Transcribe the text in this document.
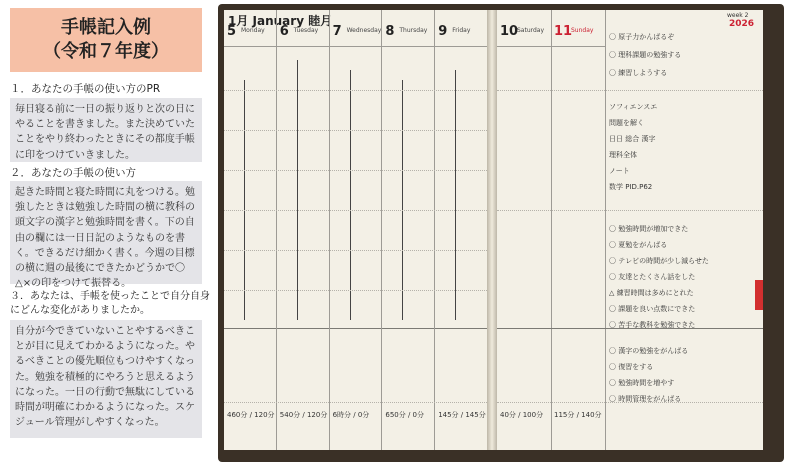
手帳記入例
（令和７年度）
１．あなたの手帳の使い方のPR
毎日寝る前に一日の振り返りと次の日にやることを書きました。また決めていたことをやり終わったときにその都度手帳に印をつけていきました。
２．あなたの手帳の使い方
起きた時間と寝た時間に丸をつける。勉強したときは勉強した時間の横に教科の頭文字の漢字と勉強時間を書く。下の自由の欄には一日日記のようなものを書く。できるだけ細かく書く。今週の目標の横に週の最後にできたかどうかで〇△×の印をつけて振替る。
３．あなたは、手帳を使ったことで自分自身にどんな変化がありましたか。
自分が今できていないことやするべきことが目に見えてわかるようになった。やるべきことの優先順位もつけやすくなった。勉強を積極的にやろうと思えるようになった。一日の行動で無駄にしている時間が明確にわかるようになった。スケジュール管理がしやすくなった。
1月 January 睦月
5 Monday
460分 / 120分
6 Tuesday
540分 / 120分
7 Wednesday
6時分 / 0分
8 Thursday
650分 / 0分
9 Friday
145分 / 145分
week 2
2026
10
Saturday
40分 / 100分
11
Sunday
115分 / 140分
〇 原子力かんばるぞ
〇 理科課題の勉強する
〇 練習しようする
ソフィエンスエ
問題を解く
日日 総合 漢字
理科全体
ノート
数学 PID.P62
〇 勉強時間が増加できた
〇 夏勉をがんばる
〇 テレビの時間が少し減らせた
〇 友達とたくさん話をした
△ 練習時間は多めにとれた
〇 課題を良い点数にできた
〇 苦手な教科を勉強できた
〇 漢字の勉強をがんばる
〇 復習をする
〇 勉強時間を増やす
〇 時間管理をがんばる
